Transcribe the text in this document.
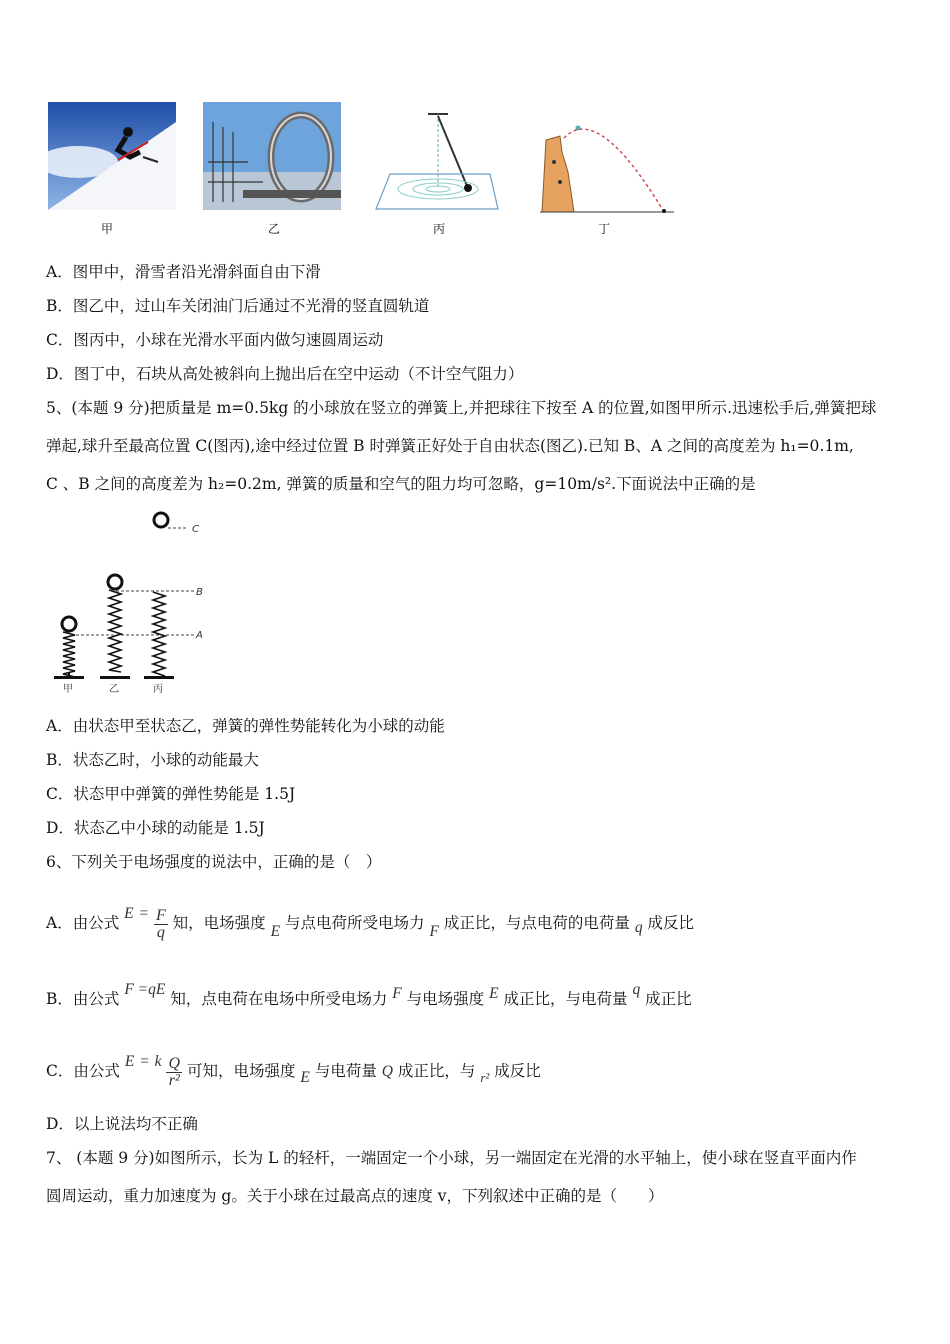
甲	乙	丙	丁
A．图甲中，滑雪者沿光滑斜面自由下滑
B．图乙中，过山车关闭油门后通过不光滑的竖直圆轨道
C．图丙中，小球在光滑水平面内做匀速圆周运动
D．图丁中，石块从高处被斜向上抛出后在空中运动（不计空气阻力）
5、(本题 9 分)把质量是 m=0.5kg 的小球放在竖立的弹簧上,并把球往下按至 A 的位置,如图甲所示.迅速松手后,弹簧把球
弹起,球升至最高位置 C(图丙),途中经过位置 B 时弹簧正好处于自由状态(图乙).已知 B、A 之间的高度差为 h₁=0.1m,
C 、B 之间的高度差为 h₂=0.2m, 弹簧的质量和空气的阻力均可忽略，g=10m/s².下面说法中正确的是
C
B
A
甲	乙	丙
A．由状态甲至状态乙，弹簧的弹性势能转化为小球的动能
B．状态乙时，小球的动能最大
C．状态甲中弹簧的弹性势能是 1.5J
D．状态乙中小球的动能是 1.5J
6、下列关于电场强度的说法中，正确的是（　）
A．由公式 $E = \frac{F}{q}$ 知，电场强度 E 与点电荷所受电场力 F 成正比，与点电荷的电荷量 q 成反比
B．由公式 F =qE 知，点电荷在电场中所受电场力 F 与电场强度 E 成正比，与电荷量 q 成正比
C．由公式 E = k $\frac{Q}{\text{r²}}$ 可知，电场强度 E 与电荷量 Q 成正比，与 $_{r^2}$ 成反比
D．以上说法均不正确
7、 (本题 9 分)如图所示，长为 L 的轻杆，一端固定一个小球，另一端固定在光滑的水平轴上，使小球在竖直平面内作
圆周运动，重力加速度为 g。关于小球在过最高点的速度 v，下列叙述中正确的是（　　）
